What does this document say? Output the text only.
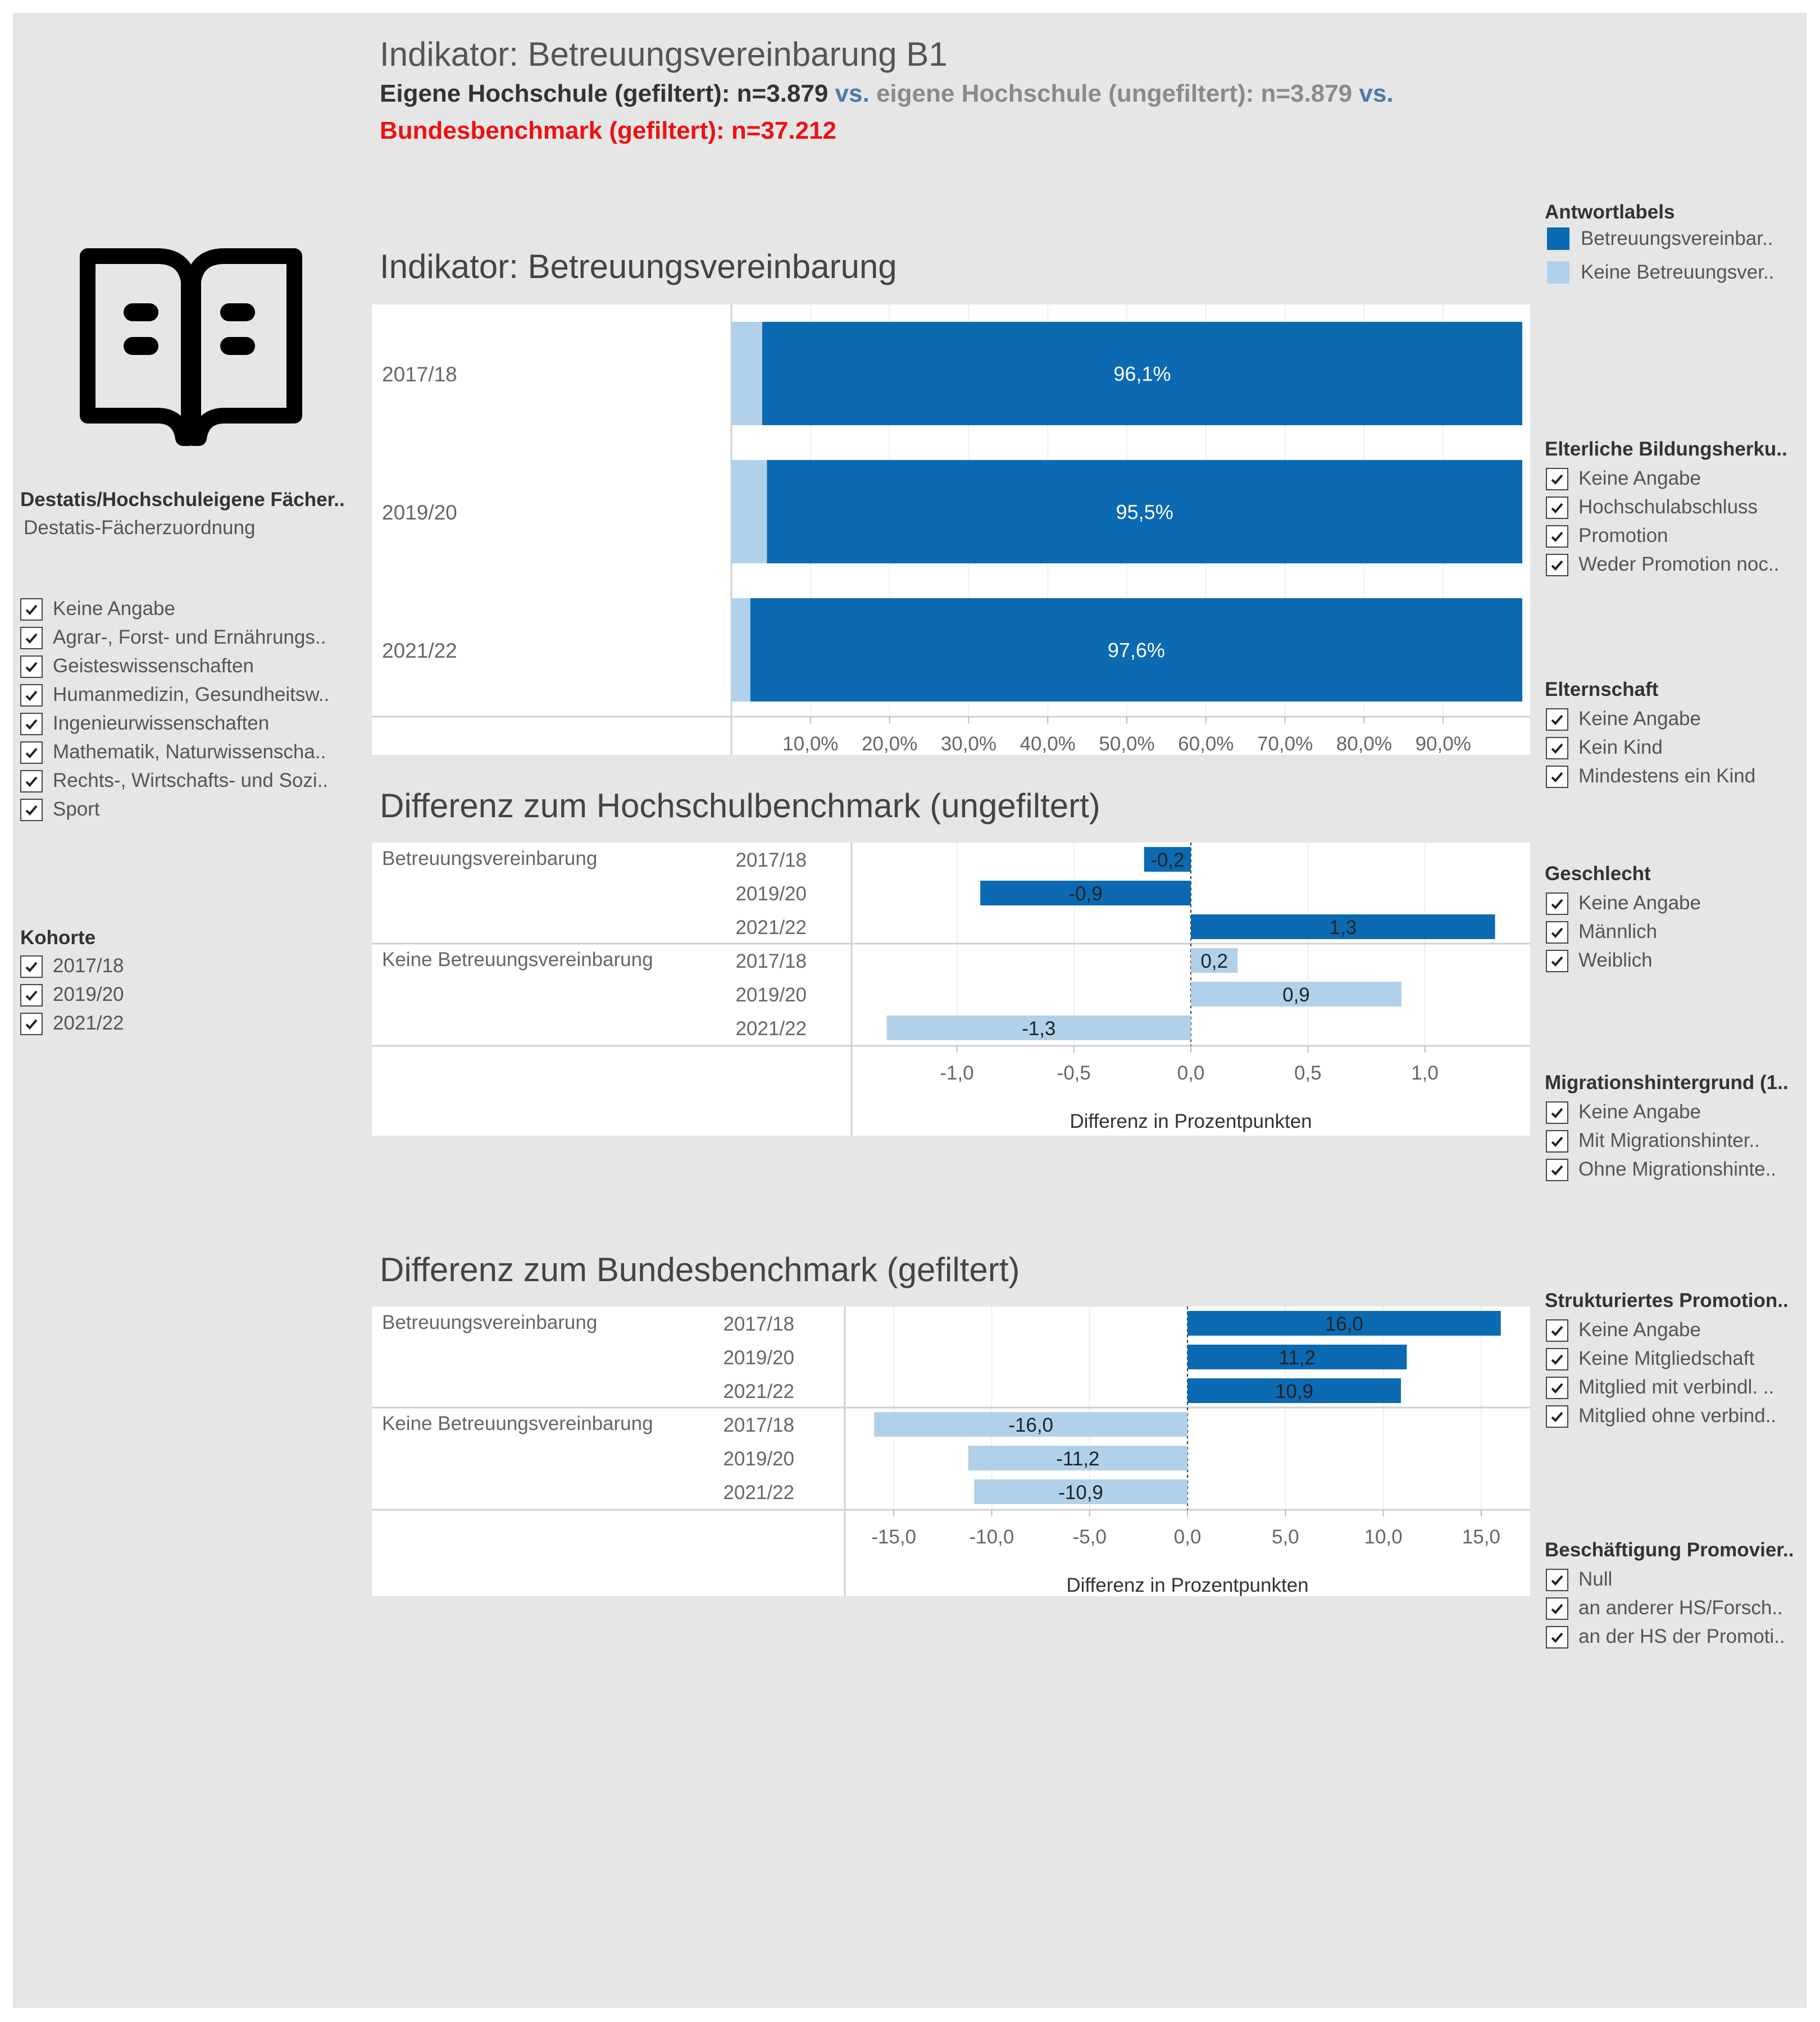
Indikator: Betreuungsvereinbarung B1
Eigene Hochschule (gefiltert): n=3.879 vs. eigene Hochschule (ungefiltert): n=3.879 vs.
Bundesbenchmark (gefiltert): n=37.212
Destatis/Hochschuleigene Fächer..
Destatis-Fächerzuordnung
Keine Angabe
Agrar-, Forst- und Ernährungs..
Geisteswissenschaften
Humanmedizin, Gesundheitsw..
Ingenieurwissenschaften
Mathematik, Naturwissenscha..
Rechts-, Wirtschafts- und Sozi..
Sport
Kohorte
2017/18
2019/20
2021/22
Indikator: Betreuungsvereinbarung
Differenz zum Hochschulbenchmark (ungefiltert)
Differenz zum Bundesbenchmark (gefiltert)
2017/18	96,1%
2019/20	95,5%
2021/22	97,6%
10,0% 20,0% 30,0% 40,0% 50,0% 60,0% 70,0% 80,0% 90,0%
Betreuungsvereinbarung	2017/18	-0,2
2019/20	-0,9
2021/22	1,3
Keine Betreuungsvereinbarung	2017/18	0,2
2019/20	0,9
2021/22	-1,3
-1,0	-0,5	0,0	0,5	1,0
Differenz in Prozentpunkten
Betreuungsvereinbarung	2017/18	16,0
2019/20	11,2
2021/22	10,9
Keine Betreuungsvereinbarung	2017/18	-16,0
2019/20	-11,2
2021/22	-10,9
-15,0	-10,0	-5,0	0,0	5,0	10,0	15,0
Differenz in Prozentpunkten
Antwortlabels
Betreuungsvereinbar..
Keine Betreuungsver..
Elterliche Bildungsherku..
Keine Angabe
Hochschulabschluss
Promotion
Weder Promotion noc..
Elternschaft
Keine Angabe
Kein Kind
Mindestens ein Kind
Geschlecht
Keine Angabe
Männlich
Weiblich
Migrationshintergrund (1..
Keine Angabe
Mit Migrationshinter..
Ohne Migrationshinte..
Strukturiertes Promotion..
Keine Angabe
Keine Mitgliedschaft
Mitglied mit verbindl. ..
Mitglied ohne verbind..
Beschäftigung Promovier..
Null
an anderer HS/Forsch..
an der HS der Promoti..
